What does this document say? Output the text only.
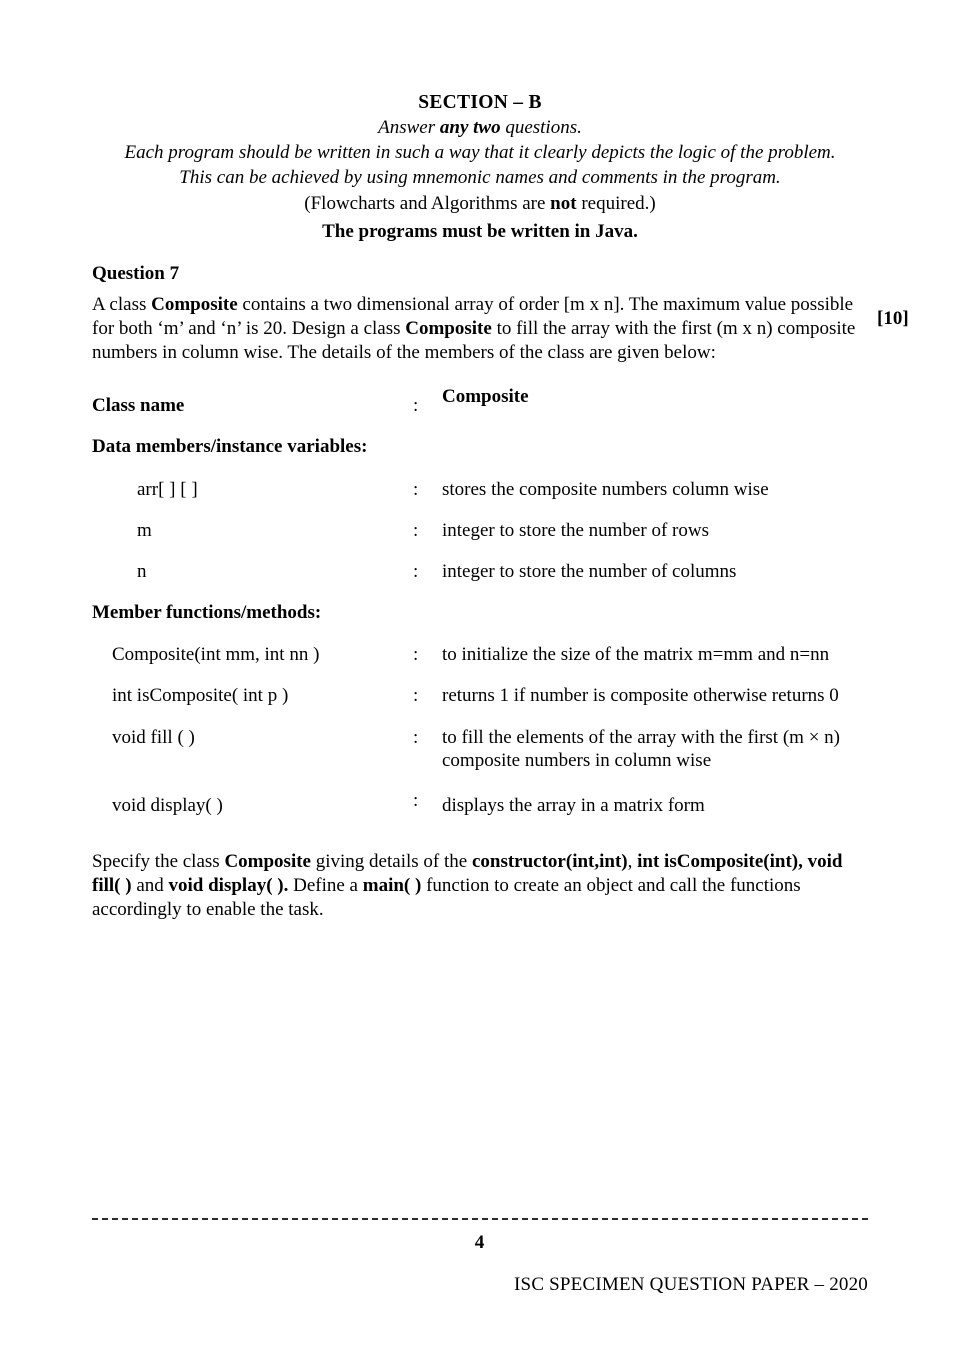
SECTION – B
Answer any two questions.
Each program should be written in such a way that it clearly depicts the logic of the problem.
This can be achieved by using mnemonic names and comments in the program.
(Flowcharts and Algorithms are not required.)
The programs must be written in Java.
Question 7
A class Composite contains a two dimensional array of order [m x n]. The maximum value possible for both ‘m’ and ‘n’ is 20. Design a class Composite to fill the array with the first (m x n) composite numbers in column wise. The details of the members of the class are given below:
[10]
Class name	: Composite
Data members/instance variables:
arr[ ] [ ]	: stores the composite numbers column wise
m	: integer to store the number of rows
n	: integer to store the number of columns
Member functions/methods:
Composite(int mm, int nn )	: to initialize the size of the matrix m=mm and n=nn
int isComposite( int p )	: returns 1 if number is composite otherwise returns 0
void fill ( )	: to fill the elements of the array with the first (m × n) composite numbers in column wise
void display( )	: displays the array in a matrix form
Specify the class Composite giving details of the constructor(int,int), int isComposite(int), void fill( ) and void display( ). Define a main( ) function to create an object and call the functions accordingly to enable the task.
4
ISC SPECIMEN QUESTION PAPER – 2020
